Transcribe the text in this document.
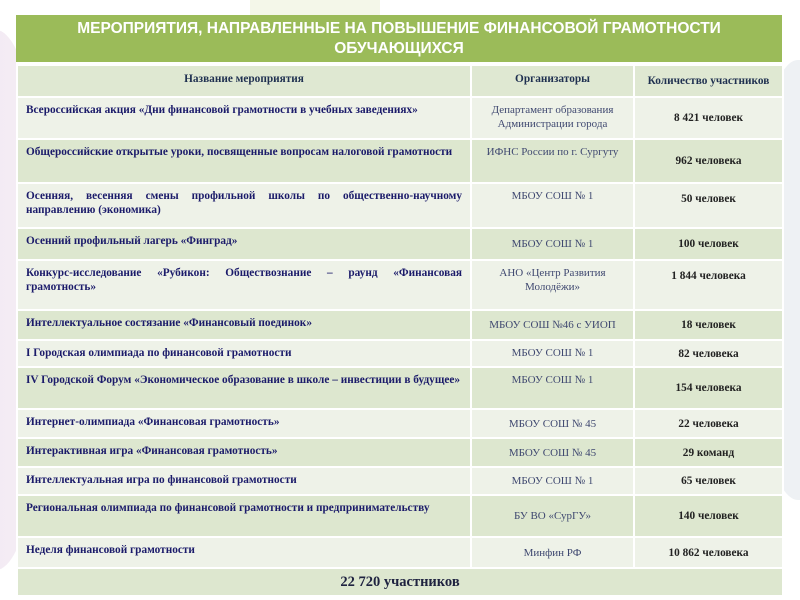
МЕРОПРИЯТИЯ, НАПРАВЛЕННЫЕ НА ПОВЫШЕНИЕ ФИНАНСОВОЙ ГРАМОТНОСТИ
ОБУЧАЮЩИХСЯ
Название мероприятия	Организаторы	Количество участников
Всероссийская акция «Дни финансовой грамотности в учебных заведениях»	Департамент образования Администрации города	8 421 человек
Общероссийские открытые уроки, посвященные вопросам налоговой грамотности	ИФНС России по г. Сургуту	962 человека
Осенняя, весенняя смены профильной школы по общественно-научному направлению (экономика)	МБОУ СОШ № 1	50 человек
Осенний профильный лагерь «Финград»	МБОУ СОШ № 1	100 человек
Конкурс-исследование «Рубикон: Обществознание – раунд «Финансовая грамотность»	АНО «Центр Развития Молодёжи»	1 844 человека
Интеллектуальное состязание «Финансовый поединок»	МБОУ СОШ №46 с УИОП	18 человек
I Городская олимпиада по финансовой грамотности	МБОУ СОШ № 1	82 человека
IV Городской Форум «Экономическое образование в школе – инвестиции в будущее»	МБОУ СОШ № 1	154 человека
Интернет-олимпиада «Финансовая грамотность»	МБОУ СОШ № 45	22 человека
Интерактивная игра «Финансовая грамотность»	МБОУ СОШ № 45	29 команд
Интеллектуальная игра по финансовой грамотности	МБОУ СОШ № 1	65 человек
Региональная олимпиада по финансовой грамотности и предпринимательству	БУ ВО «СурГУ»	140 человек
Неделя финансовой грамотности	Минфин РФ	10 862 человека
22 720 участников		
